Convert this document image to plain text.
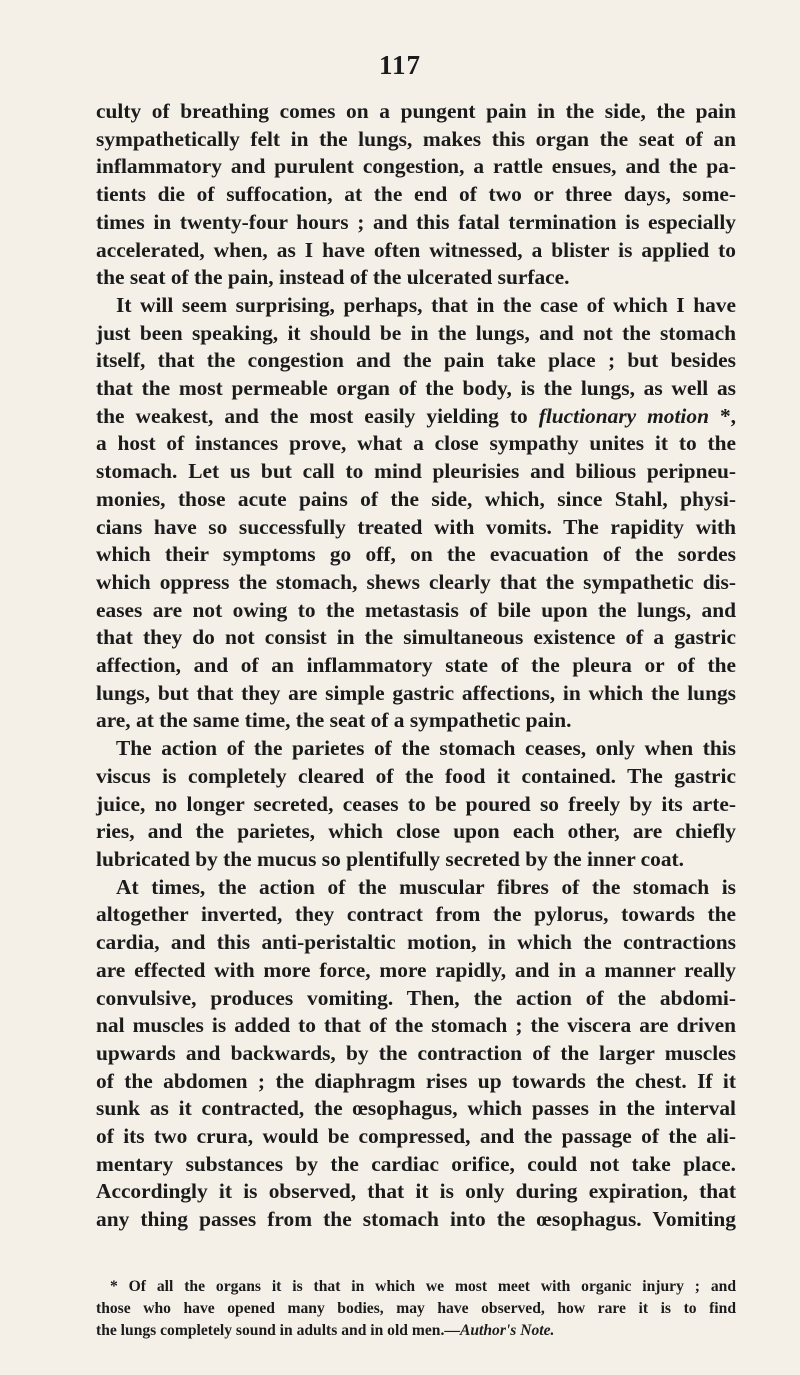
117
culty of breathing comes on a pungent pain in the side, the pain
sympathetically felt in the lungs, makes this organ the seat of an
inflammatory and purulent congestion, a rattle ensues, and the pa-
tients die of suffocation, at the end of two or three days, some-
times in twenty-four hours ; and this fatal termination is especially
accelerated, when, as I have often witnessed, a blister is applied to
the seat of the pain, instead of the ulcerated surface.
It will seem surprising, perhaps, that in the case of which I have
just been speaking, it should be in the lungs, and not the stomach
itself, that the congestion and the pain take place ; but besides
that the most permeable organ of the body, is the lungs, as well as
the weakest, and the most easily yielding to fluctionary motion *,
a host of instances prove, what a close sympathy unites it to the
stomach. Let us but call to mind pleurisies and bilious peripneu-
monies, those acute pains of the side, which, since Stahl, physi-
cians have so successfully treated with vomits. The rapidity with
which their symptoms go off, on the evacuation of the sordes
which oppress the stomach, shews clearly that the sympathetic dis-
eases are not owing to the metastasis of bile upon the lungs, and
that they do not consist in the simultaneous existence of a gastric
affection, and of an inflammatory state of the pleura or of the
lungs, but that they are simple gastric affections, in which the lungs
are, at the same time, the seat of a sympathetic pain.
The action of the parietes of the stomach ceases, only when this
viscus is completely cleared of the food it contained. The gastric
juice, no longer secreted, ceases to be poured so freely by its arte-
ries, and the parietes, which close upon each other, are chiefly
lubricated by the mucus so plentifully secreted by the inner coat.
At times, the action of the muscular fibres of the stomach is
altogether inverted, they contract from the pylorus, towards the
cardia, and this anti-peristaltic motion, in which the contractions
are effected with more force, more rapidly, and in a manner really
convulsive, produces vomiting. Then, the action of the abdomi-
nal muscles is added to that of the stomach ; the viscera are driven
upwards and backwards, by the contraction of the larger muscles
of the abdomen ; the diaphragm rises up towards the chest. If it
sunk as it contracted, the œsophagus, which passes in the interval
of its two crura, would be compressed, and the passage of the ali-
mentary substances by the cardiac orifice, could not take place.
Accordingly it is observed, that it is only during expiration, that
any thing passes from the stomach into the œsophagus. Vomiting
* Of all the organs it is that in which we most meet with organic injury ; and
those who have opened many bodies, may have observed, how rare it is to find
the lungs completely sound in adults and in old men.—Author's Note.
